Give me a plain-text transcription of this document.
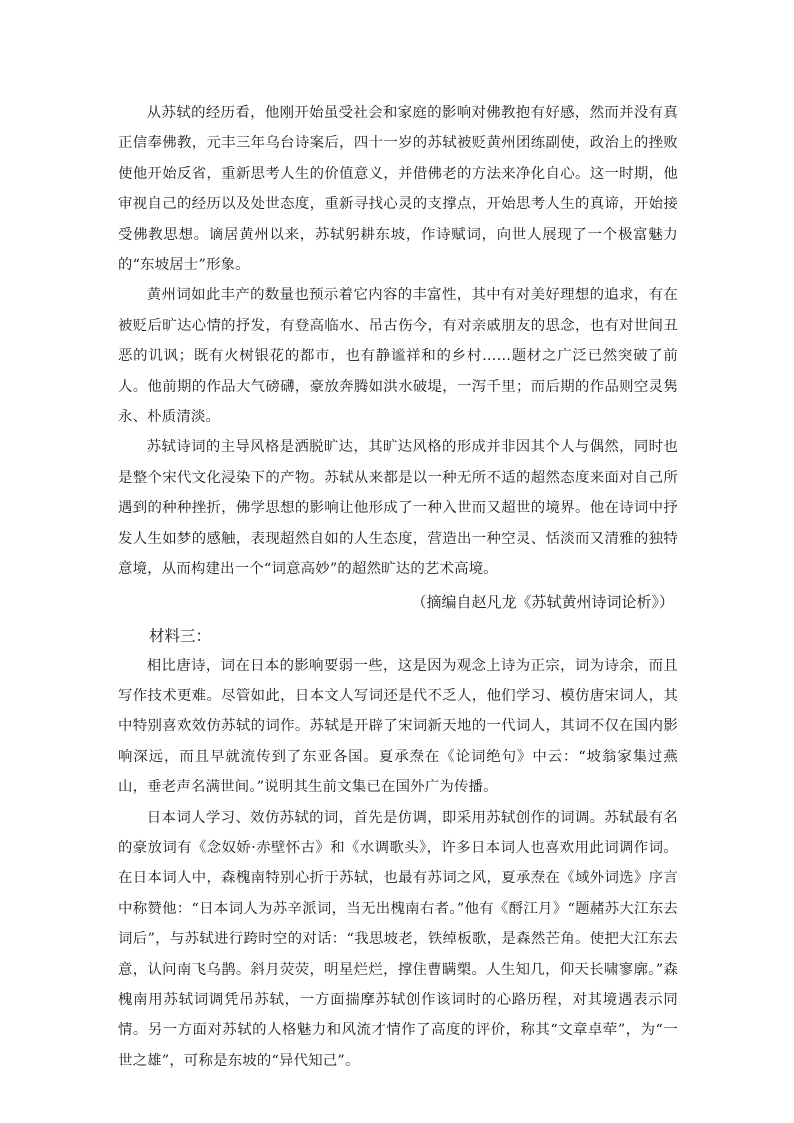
从苏轼的经历看，他刚开始虽受社会和家庭的影响对佛教抱有好感，然而并没有真正信奉佛教，元丰三年乌台诗案后，四十一岁的苏轼被贬黄州团练副使，政治上的挫败使他开始反省，重新思考人生的价值意义，并借佛老的方法来净化自心。这一时期，他审视自己的经历以及处世态度，重新寻找心灵的支撑点，开始思考人生的真谛，开始接受佛教思想。谪居黄州以来，苏轼躬耕东坡，作诗赋词，向世人展现了一个极富魅力的“东坡居士”形象。

黄州词如此丰产的数量也预示着它内容的丰富性，其中有对美好理想的追求，有在被贬后旷达心情的抒发，有登高临水、吊古伤今，有对亲戚朋友的思念，也有对世间丑恶的讥讽；既有火树银花的都市，也有静谧祥和的乡村……题材之广泛已然突破了前人。他前期的作品大气磅礴，豪放奔腾如洪水破堤，一泻千里；而后期的作品则空灵隽永、朴质清淡。

苏轼诗词的主导风格是洒脱旷达，其旷达风格的形成并非因其个人与偶然，同时也是整个宋代文化浸染下的产物。苏轼从来都是以一种无所不适的超然态度来面对自己所遇到的种种挫折，佛学思想的影响让他形成了一种入世而又超世的境界。他在诗词中抒发人生如梦的感触，表现超然自如的人生态度，营造出一种空灵、恬淡而又清雅的独特意境，从而构建出一个“词意高妙”的超然旷达的艺术高境。

（摘编自赵凡龙《苏轼黄州诗词论析》）

材料三：

相比唐诗，词在日本的影响要弱一些，这是因为观念上诗为正宗，词为诗余，而且写作技术更难。尽管如此，日本文人写词还是代不乏人，他们学习、模仿唐宋词人，其中特别喜欢效仿苏轼的词作。苏轼是开辟了宋词新天地的一代词人，其词不仅在国内影响深远，而且早就流传到了东亚各国。夏承焘在《论词绝句》中云：“坡翁家集过燕山，垂老声名满世间。”说明其生前文集已在国外广为传播。

日本词人学习、效仿苏轼的词，首先是仿调，即采用苏轼创作的词调。苏轼最有名的豪放词有《念奴娇·赤壁怀古》和《水调歌头》，许多日本词人也喜欢用此词调作词。在日本词人中，森槐南特别心折于苏轼，也最有苏词之风，夏承焘在《域外词选》序言中称赞他：“日本词人为苏辛派词，当无出槐南右者。”他有《酹江月》“题赭苏大江东去词后”，与苏轼进行跨时空的对话：“我思坡老，铁绰板歌，是森然芒角。使把大江东去意，认问南飞乌鹊。斜月荧荧，明星烂烂，撑住曹瞒槊。人生知几，仰天长啸寥廓。”森槐南用苏轼词调凭吊苏轼，一方面揣摩苏轼创作该词时的心路历程，对其境遇表示同情。另一方面对苏轼的人格魅力和风流才情作了高度的评价，称其“文章卓荦”，为“一世之雄”，可称是东坡的“异代知己”。
